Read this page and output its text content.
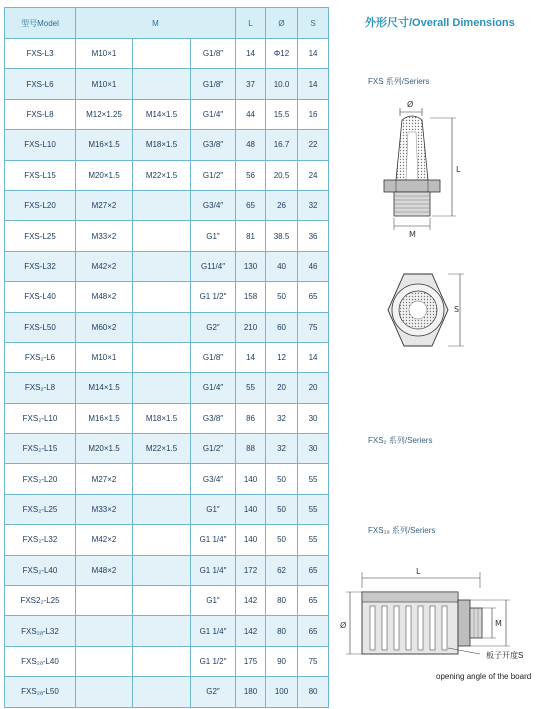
型号Model	M			L	Ø	S
FXS-L3	M10×1		G1/8″	14	Φ12	14
FXS-L6	M10×1		G1/8″	37	10.0	14
FXS-L8	M12×1.25	M14×1.5	G1/4″	44	15.5	16
FXS-L10	M16×1.5	M18×1.5	G3/8″	48	16.7	22
FXS-L15	M20×1.5	M22×1.5	G1/2″	56	20.5	24
FXS-L20	M27×2		G3/4″	65	26	32
FXS-L25	M33×2		G1″	81	38.5	36
FXS-L32	M42×2		G11/4″	130	40	46
FXS-L40	M48×2		G1 1/2″	158	50	65
FXS-L50	M60×2		G2″	210	60	75
FXS₂-L6	M10×1		G1/8″	14	12	14
FXS₂-L8	M14×1.5		G1/4″	55	20	20
FXS₂-L10	M16×1.5	M18×1.5	G3/8″	86	32	30
FXS₂-L15	M20×1.5	M22×1.5	G1/2″	88	32	30
FXS₂-L20	M27×2		G3/4″	140	50	55
FXS₂-L25	M33×2		G1″	140	50	55
FXS₂-L32	M42×2		G1 1/4″	140	50	55
FXS₂-L40	M48×2		G1 1/4″	172	62	65
FXS2₂-L25			G1″	142	80	65
FXS₂ₐ-L32			G1 1/4″	142	80	65
FXS₂ₐ-L40			G1 1/2″	175	90	75
FXS₂ₐ-L50			G2″	180	100	80
外形尺寸/Overall Dimensions
FXS 系列/Seriers
Ø
M
L
S
FXS₂ 系列/Seriers
FXS₂ₐ 系列/Seriers
L
Ø	M
板子开度S
opening angle of the board
